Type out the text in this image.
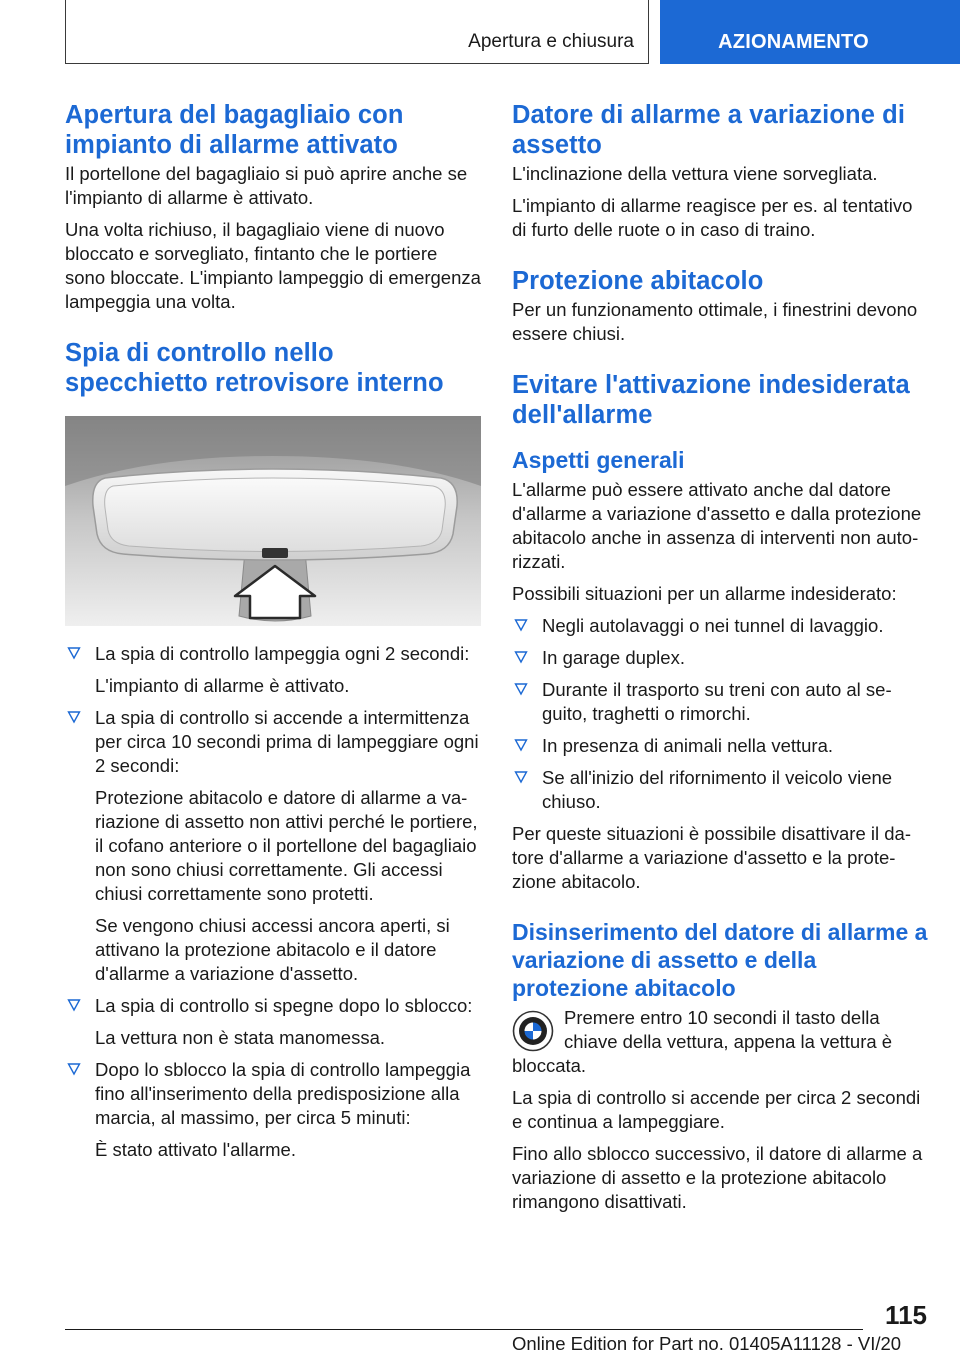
Apertura e chiusura	AZIONAMENTO
Apertura del bagagliaio con impianto di allarme attivato

Il portellone del bagagliaio si può aprire anche se l'impianto di allarme è attivato.

Una volta richiuso, il bagagliaio viene di nuovo bloccato e sorvegliato, fintanto che le portiere sono bloccate. L'impianto lampeggio di emergenza lampeggia una volta.

Spia di controllo nello specchietto retrovisore interno

La spia di controllo lampeggia ogni 2 secondi:

L'impianto di allarme è attivato.

La spia di controllo si accende a intermittenza per circa 10 secondi prima di lampeggiare ogni 2 secondi:

Protezione abitacolo e datore di allarme a variazione di assetto non attivi perché le portiere, il cofano anteriore o il portellone del bagagliaio non sono chiusi correttamente. Gli accessi chiusi correttamente sono protetti.

Se vengono chiusi accessi ancora aperti, si attivano la protezione abitacolo e il datore d'allarme a variazione d'assetto.

La spia di controllo si spegne dopo lo sblocco:

La vettura non è stata manomessa.

Dopo lo sblocco la spia di controllo lampeggia fino all'inserimento della predisposizione alla marcia, al massimo, per circa 5 minuti:

È stato attivato l'allarme.

Datore di allarme a variazione di assetto

L'inclinazione della vettura viene sorvegliata.

L'impianto di allarme reagisce per es. al tentativo di furto delle ruote o in caso di traino.

Protezione abitacolo

Per un funzionamento ottimale, i finestrini devono essere chiusi.

Evitare l'attivazione indesiderata dell'allarme
Aspetti generali

L'allarme può essere attivato anche dal datore d'allarme a variazione d'assetto e dalla protezione abitacolo anche in assenza di interventi non autorizzati.

Possibili situazioni per un allarme indesiderato:

Negli autolavaggi o nei tunnel di lavaggio.
In garage duplex.
Durante il trasporto su treni con auto al seguito, traghetti o rimorchi.
In presenza di animali nella vettura.
Se all'inizio del rifornimento il veicolo viene chiuso.

Per queste situazioni è possibile disattivare il datore d'allarme a variazione d'assetto e la protezione abitacolo.

Disinserimento del datore di allarme a variazione di assetto e della protezione abitacolo

Premere entro 10 secondi il tasto della chiave della vettura, appena la vettura è bloccata.

La spia di controllo si accende per circa 2 secondi e continua a lampeggiare.

Fino allo sblocco successivo, il datore di allarme a variazione di assetto e la protezione abitacolo rimangono disattivati.

115
Online Edition for Part no. 01405A11128 - VI/20
